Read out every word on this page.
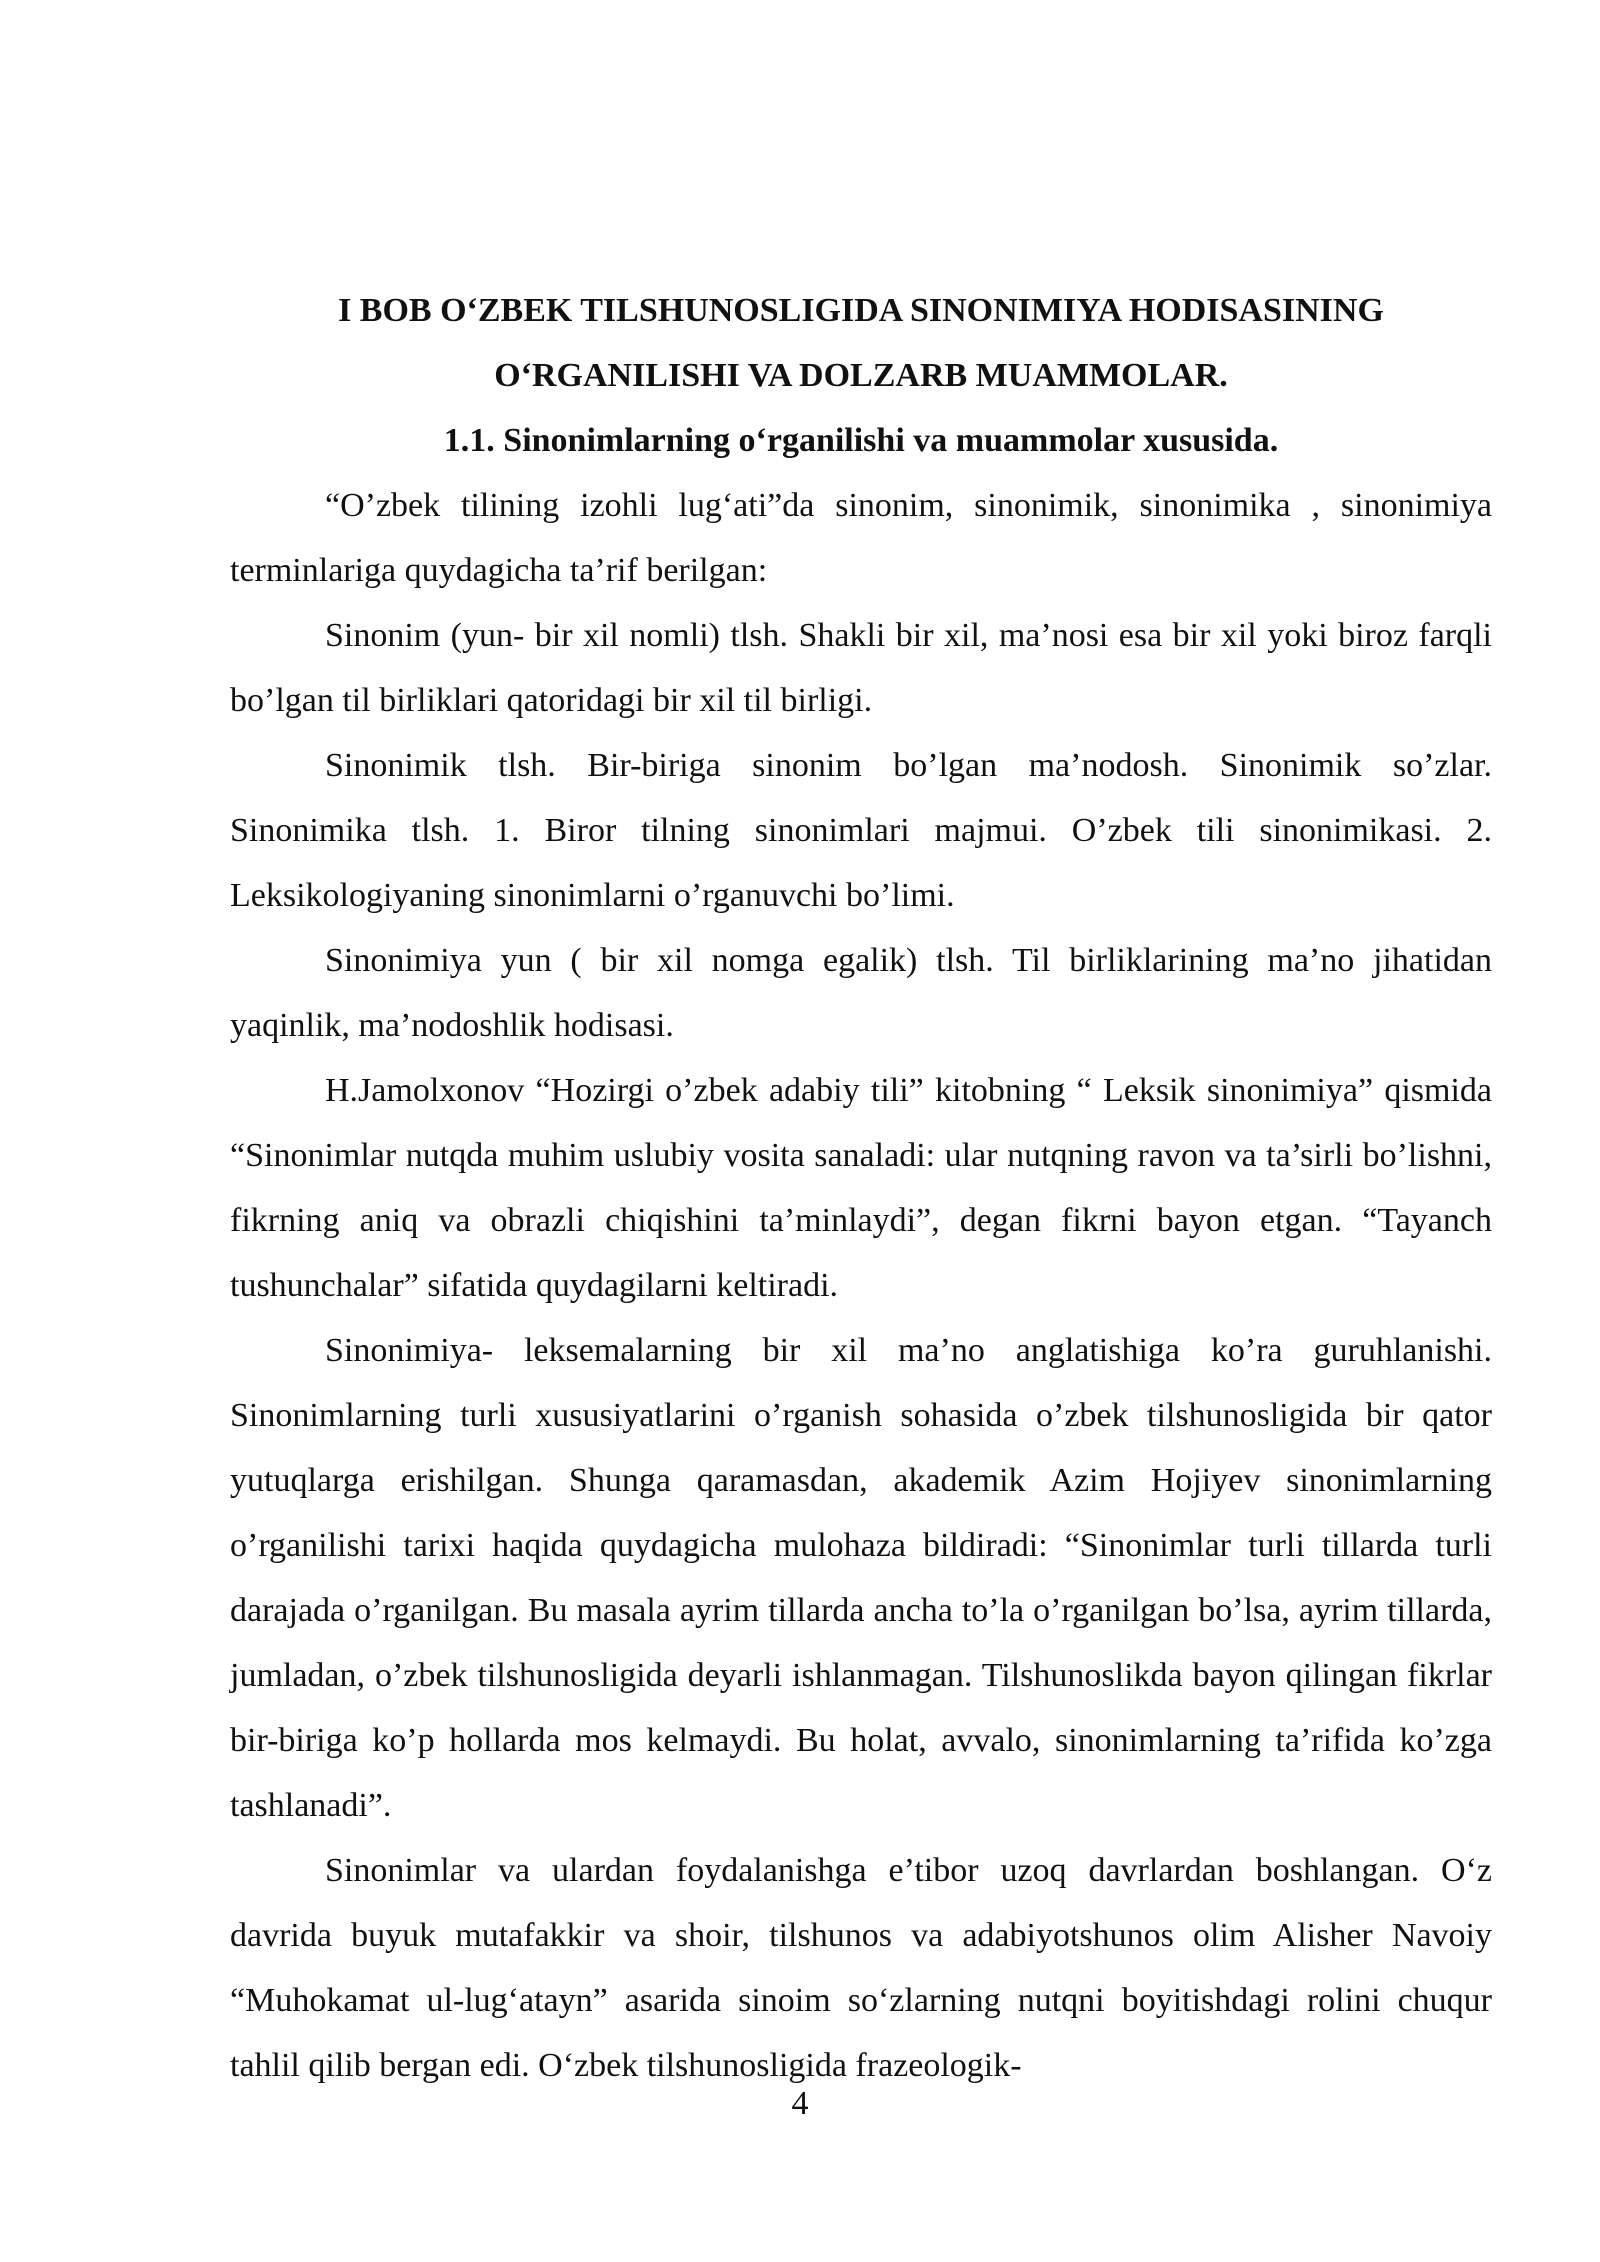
I BOB O‘ZBEK TILSHUNOSLIGIDA SINONIMIYA HODISASINING

O‘RGANILISHI VA DOLZARB MUAMMOLAR.

1.1. Sinonimlarning o‘rganilishi va muammolar xususida.

“O’zbek tilining izohli lug‘ati”da sinonim, sinonimik, sinonimika , sinonimiya terminlariga quydagicha ta’rif berilgan:

Sinonim (yun- bir xil nomli) tlsh. Shakli bir xil, ma’nosi esa bir xil yoki biroz farqli bo’lgan til birliklari qatoridagi bir xil til birligi.

Sinonimik tlsh. Bir-biriga sinonim bo’lgan ma’nodosh. Sinonimik so’zlar. Sinonimika tlsh. 1. Biror tilning sinonimlari majmui. O’zbek tili sinonimikasi. 2. Leksikologiyaning sinonimlarni o’rganuvchi bo’limi.

Sinonimiya yun ( bir xil nomga egalik) tlsh. Til birliklarining ma’no jihatidan yaqinlik, ma’nodoshlik hodisasi.

H.Jamolxonov “Hozirgi o’zbek adabiy tili” kitobning “ Leksik sinonimiya” qismida “Sinonimlar nutqda muhim uslubiy vosita sanaladi: ular nutqning ravon va ta’sirli bo’lishni, fikrning aniq va obrazli chiqishini ta’minlaydi”, degan fikrni bayon etgan. “Tayanch tushunchalar” sifatida quydagilarni keltiradi.

Sinonimiya- leksemalarning bir xil ma’no anglatishiga ko’ra guruhlanishi. Sinonimlarning turli xususiyatlarini o’rganish sohasida o’zbek tilshunosligida bir qator yutuqlarga erishilgan. Shunga qaramasdan, akademik Azim Hojiyev sinonimlarning o’rganilishi tarixi haqida quydagicha mulohaza bildiradi: “Sinonimlar turli tillarda turli darajada o’rganilgan. Bu masala ayrim tillarda ancha to’la o’rganilgan bo’lsa, ayrim tillarda, jumladan, o’zbek tilshunosligida deyarli ishlanmagan. Tilshunoslikda bayon qilingan fikrlar bir-biriga ko’p hollarda mos kelmaydi. Bu holat, avvalo, sinonimlarning ta’rifida ko’zga tashlanadi”.

Sinonimlar va ulardan foydalanishga e’tibor uzoq davrlardan boshlangan. O‘z davrida buyuk mutafakkir va shoir, tilshunos va adabiyotshunos olim Alisher Navoiy “Muhokamat ul-lug‘atayn” asarida sinoim so‘zlarning nutqni boyitishdagi rolini chuqur tahlil qilib bergan edi. O‘zbek tilshunosligida frazeologik-

4
